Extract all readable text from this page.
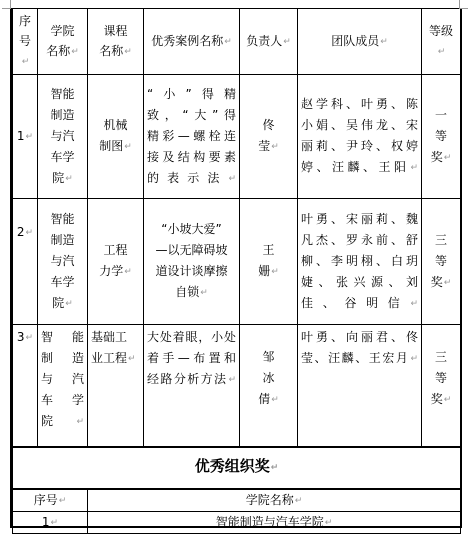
序
号↵	学院
名称↵	课程
名称↵	优秀案例名称↵	负责人↵	团队成员↵	等级↵
1↵	智能
制造
与汽
车学
院↵	机械
制图↵	“小”得精
致，“大”得
精彩—螺栓连
接及结构要素
的表示法↵	佟
莹↵	赵学科、叶勇、陈
小娟、吴伟龙、宋
丽莉、尹玲、权婷
婷、汪麟、王阳↵	一
等
奖↵

2↵	智能
制造
与汽
车学
院↵	工程
力学↵	“小坡大爱”
—以无障碍坡
道设计谈摩擦
自锁↵	王
姗↵	叶勇、宋丽莉、魏
凡杰、罗永前、舒
柳、李明栩、白玥
婕、张兴源、刘
佳、谷明信↵	三
等
奖↵

3↵	智能
制造
与汽
车学
院↵	基础工
业工程↵	大处着眼，小处
着手—布置和
经路分析方法↵	邹
冰
倩↵	叶勇、向丽君、佟
莹、汪麟、王宏月↵	三
等
奖↵

优秀组织奖↵						
序号↵	学院名称↵
1↵	智能制造与汽车学院↵
